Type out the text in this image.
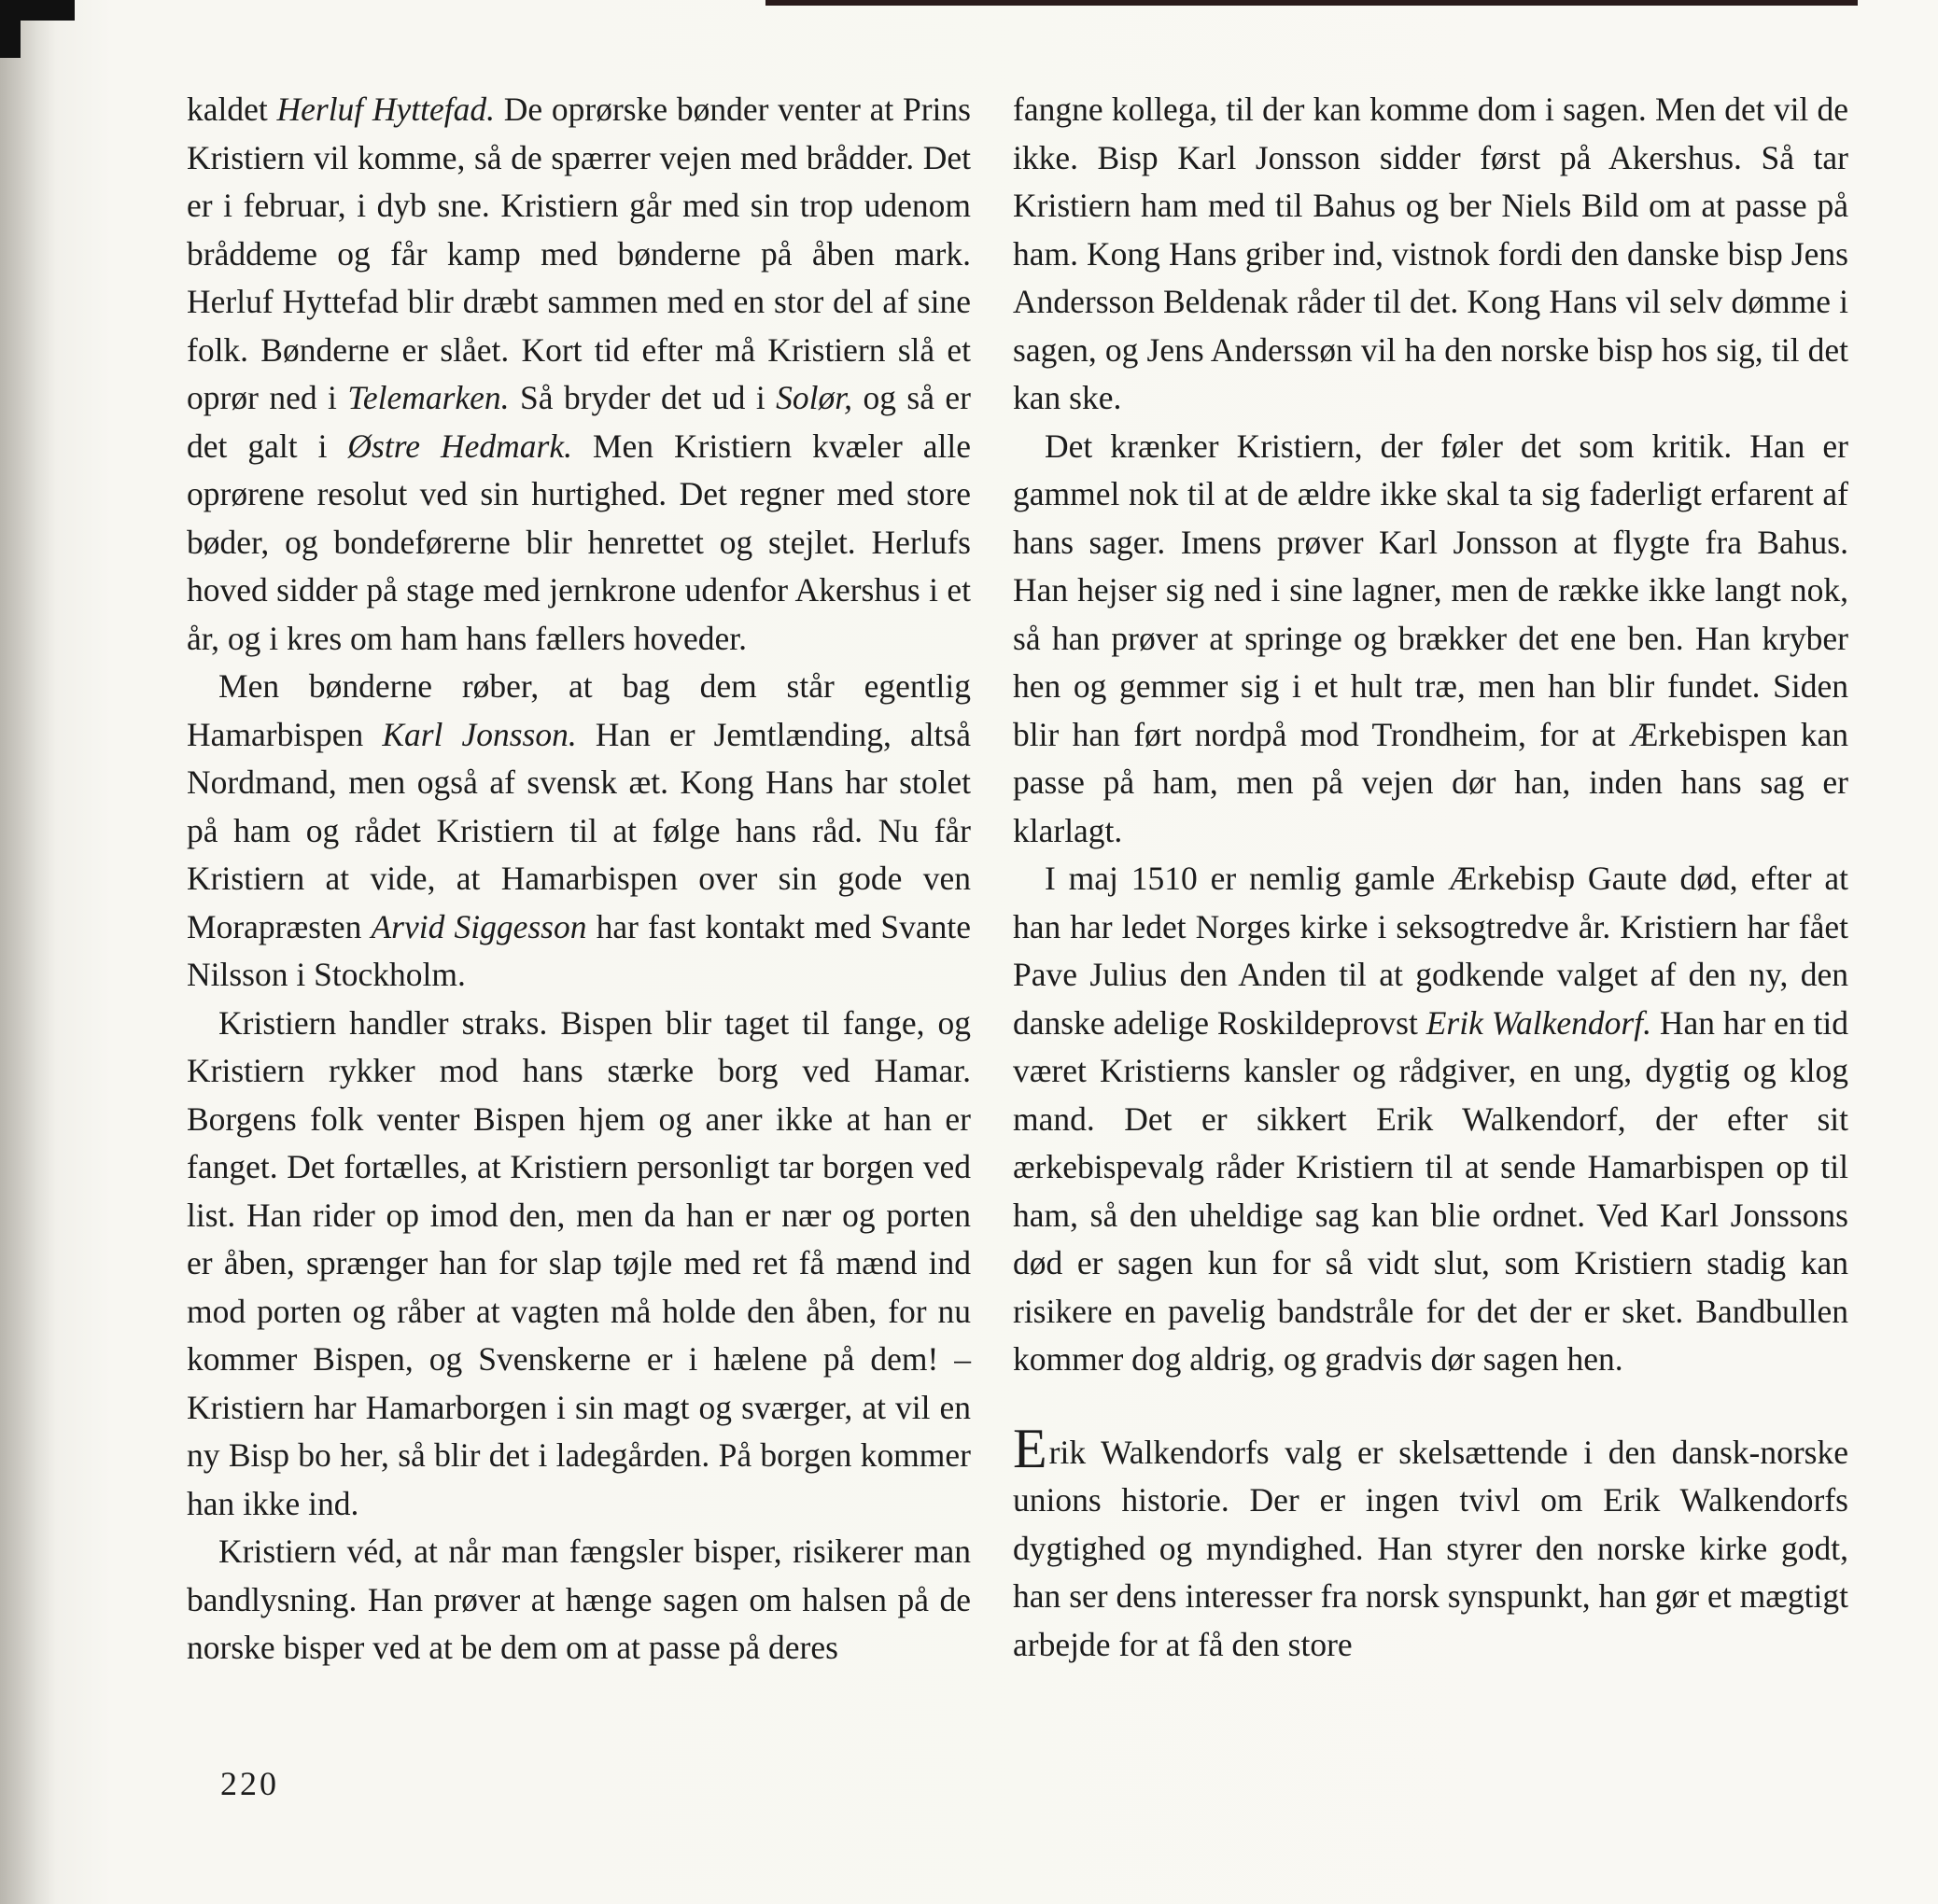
kaldet Herluf Hyttefad. De oprørske bønder venter at Prins Kristiern vil komme, så de spærrer vejen med brådder. Det er i februar, i dyb sne. Kristiern går med sin trop udenom bråddeme og får kamp med bønderne på åben mark. Herluf Hyttefad blir dræbt sammen med en stor del af sine folk. Bønderne er slået. Kort tid efter må Kristiern slå et oprør ned i Telemarken. Så bryder det ud i Solør, og så er det galt i Østre Hedmark. Men Kristiern kvæler alle oprørene resolut ved sin hurtighed. Det regner med store bøder, og bondeførerne blir henrettet og stejlet. Herlufs hoved sidder på stage med jernkrone udenfor Akershus i et år, og i kres om ham hans fællers hoveder.

Men bønderne røber, at bag dem står egentlig Hamarbispen Karl Jonsson. Han er Jemtlænding, altså Nordmand, men også af svensk æt. Kong Hans har stolet på ham og rådet Kristiern til at følge hans råd. Nu får Kristiern at vide, at Hamarbispen over sin gode ven Morapræsten Arvid Siggesson har fast kontakt med Svante Nilsson i Stockholm.

Kristiern handler straks. Bispen blir taget til fange, og Kristiern rykker mod hans stærke borg ved Hamar. Borgens folk venter Bispen hjem og aner ikke at han er fanget. Det fortælles, at Kristiern personligt tar borgen ved list. Han rider op imod den, men da han er nær og porten er åben, sprænger han for slap tøjle med ret få mænd ind mod porten og råber at vagten må holde den åben, for nu kommer Bispen, og Svenskerne er i hælene på dem! – Kristiern har Hamarborgen i sin magt og sværger, at vil en ny Bisp bo her, så blir det i ladegården. På borgen kommer han ikke ind.

Kristiern véd, at når man fængsler bisper, risikerer man bandlysning. Han prøver at hænge sagen om halsen på de norske bisper ved at be dem om at passe på deres

fangne kollega, til der kan komme dom i sagen. Men det vil de ikke. Bisp Karl Jonsson sidder først på Akershus. Så tar Kristiern ham med til Bahus og ber Niels Bild om at passe på ham. Kong Hans griber ind, vistnok fordi den danske bisp Jens Andersson Beldenak råder til det. Kong Hans vil selv dømme i sagen, og Jens Anderssøn vil ha den norske bisp hos sig, til det kan ske.

Det krænker Kristiern, der føler det som kritik. Han er gammel nok til at de ældre ikke skal ta sig faderligt erfarent af hans sager. Imens prøver Karl Jonsson at flygte fra Bahus. Han hejser sig ned i sine lagner, men de række ikke langt nok, så han prøver at springe og brækker det ene ben. Han kryber hen og gemmer sig i et hult træ, men han blir fundet. Siden blir han ført nordpå mod Trondheim, for at Ærkebispen kan passe på ham, men på vejen dør han, inden hans sag er klarlagt.

I maj 1510 er nemlig gamle Ærkebisp Gaute død, efter at han har ledet Norges kirke i seksogtredve år. Kristiern har fået Pave Julius den Anden til at godkende valget af den ny, den danske adelige Roskildeprovst Erik Walkendorf. Han har en tid været Kristierns kansler og rådgiver, en ung, dygtig og klog mand. Det er sikkert Erik Walkendorf, der efter sit ærkebispevalg råder Kristiern til at sende Hamarbispen op til ham, så den uheldige sag kan blie ordnet. Ved Karl Jonssons død er sagen kun for så vidt slut, som Kristiern stadig kan risikere en pavelig bandstråle for det der er sket. Bandbullen kommer dog aldrig, og gradvis dør sagen hen.

Erik Walkendorfs valg er skelsættende i den dansk-norske unions historie. Der er ingen tvivl om Erik Walkendorfs dygtighed og myndighed. Han styrer den norske kirke godt, han ser dens interesser fra norsk synspunkt, han gør et mægtigt arbejde for at få den store

220
